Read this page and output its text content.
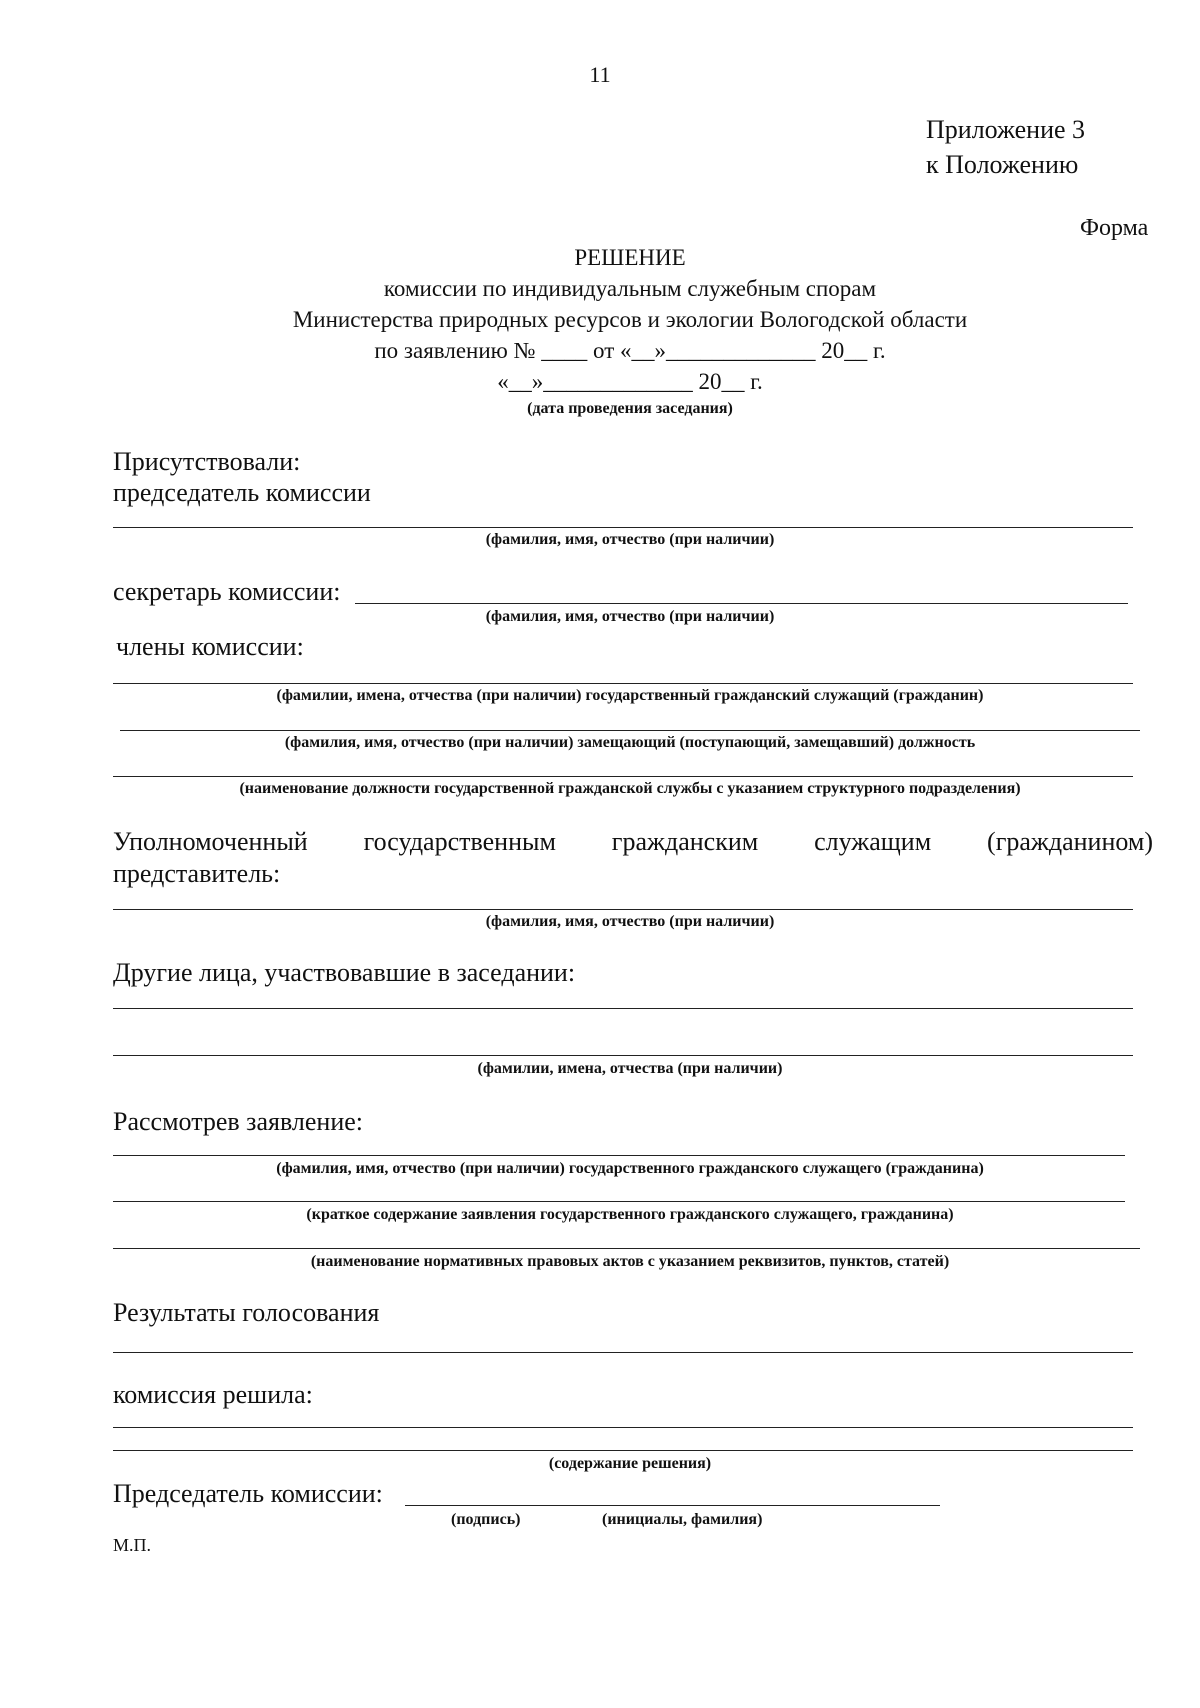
11
Приложение 3
к Положению
Форма
РЕШЕНИЕ
комиссии по индивидуальным служебным спорам
Министерства природных ресурсов и экологии Вологодской области
по заявлению № ____ от «__»_____________ 20__ г.
«__»_____________ 20__ г.
(дата проведения заседания)
Присутствовали:
председатель комиссии
(фамилия, имя, отчество (при наличии)
секретарь комиссии:
(фамилия, имя, отчество (при наличии)
члены комиссии:
(фамилии, имена, отчества (при наличии) государственный гражданский служащий (гражданин)
(фамилия, имя, отчество (при наличии) замещающий (поступающий, замещавший) должность
(наименование должности государственной гражданской службы с указанием структурного подразделения)
Уполномоченный государственным гражданским служащим (гражданином)
представитель:
(фамилия, имя, отчество (при наличии)
Другие лица, участвовавшие в заседании:
(фамилии, имена, отчества (при наличии)
Рассмотрев заявление:
(фамилия, имя, отчество (при наличии) государственного гражданского служащего (гражданина)
(краткое содержание заявления государственного гражданского служащего, гражданина)
(наименование нормативных правовых актов с указанием реквизитов, пунктов, статей)
Результаты голосования
комиссия решила:
(содержание решения)
Председатель комиссии:
(подпись)	(инициалы, фамилия)
М.П.
